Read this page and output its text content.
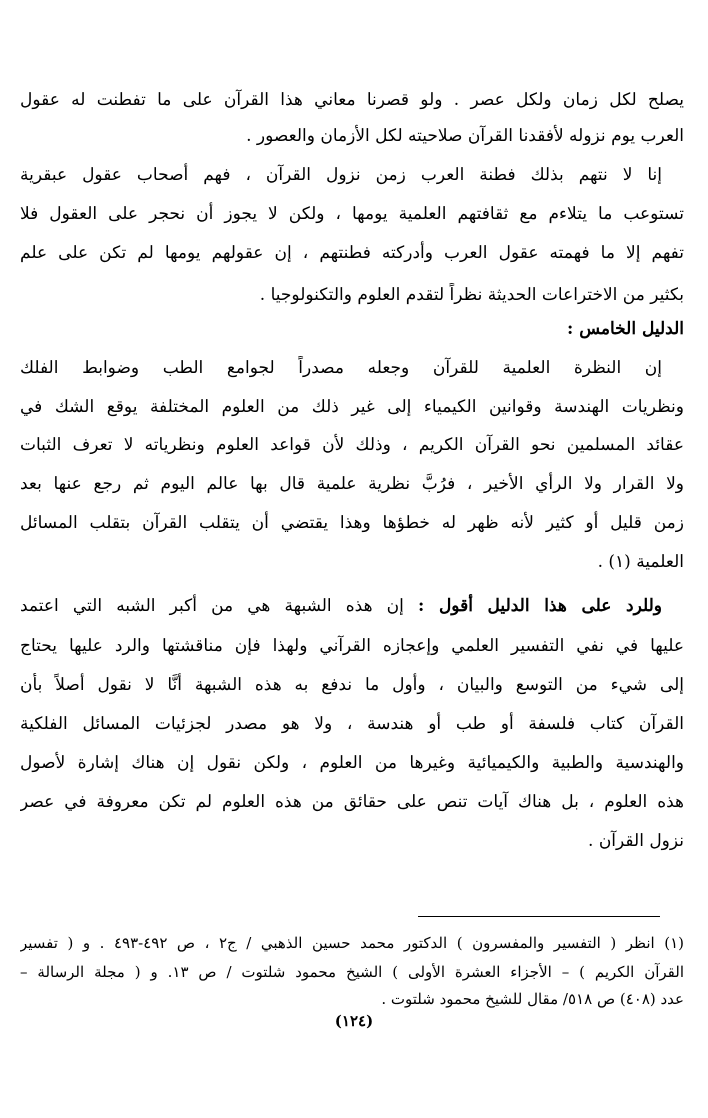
يصلح لكل زمان ولكل عصر . ولو قصرنا معاني هذا القرآن على ما تفطنت له عقول
العرب يوم نزوله لأفقدنا القرآن صلاحيته لكل الأزمان والعصور .
إنا لا نتهم بذلك فطنة العرب زمن نزول القرآن ، فهم أصحاب عقول عبقرية
تستوعب ما يتلاءم مع ثقافتهم العلمية يومها ، ولكن لا يجوز أن نحجر على العقول فلا
تفهم إلا ما فهمته عقول العرب وأدركته فطنتهم ، إن عقولهم يومها لم تكن على علم
بكثير من الاختراعات الحديثة نظراً لتقدم العلوم والتكنولوجيا .
الدليل الخامس :
إن النظرة العلمية للقرآن وجعله مصدراً لجوامع الطب وضوابط الفلك
ونظريات الهندسة وقوانين الكيمياء إلى غير ذلك من العلوم المختلفة يوقع الشك في
عقائد المسلمين نحو القرآن الكريم ، وذلك لأن قواعد العلوم ونظرياته لا تعرف الثبات
ولا القرار ولا الرأي الأخير ، فرُبَّ نظرية علمية قال بها عالم اليوم ثم رجع عنها بعد
زمن قليل أو كثير لأنه ظهر له خطؤها وهذا يقتضي أن يتقلب القرآن بتقلب المسائل
العلمية (١) .
وللرد على هذا الدليل أقول : إن هذه الشبهة هي من أكبر الشبه التي اعتمد
عليها في نفي التفسير العلمي وإعجازه القرآني ولهذا فإن مناقشتها والرد عليها يحتاج
إلى شيء من التوسع والبيان ، وأول ما ندفع به هذه الشبهة أنَّا لا نقول أصلاً بأن
القرآن كتاب فلسفة أو طب أو هندسة ، ولا هو مصدر لجزئيات المسائل الفلكية
والهندسية والطبية والكيميائية وغيرها من العلوم ، ولكن نقول إن هناك إشارة لأصول
هذه العلوم ، بل هناك آيات تنص على حقائق من هذه العلوم لم تكن معروفة في عصر
نزول القرآن .
(١) انظر ( التفسير والمفسرون ) الدكتور محمد حسين الذهبي / ج٢ ، ص ٤٩٢-٤٩٣ . و ( تفسير
القرآن الكريم ) – الأجزاء العشرة الأولى ) الشيخ محمود شلتوت / ص ١٣. و ( مجلة الرسالة –
عدد (٤٠٨) ص ٥١٨/ مقال للشيخ محمود شلتوت .
(١٢٤)
